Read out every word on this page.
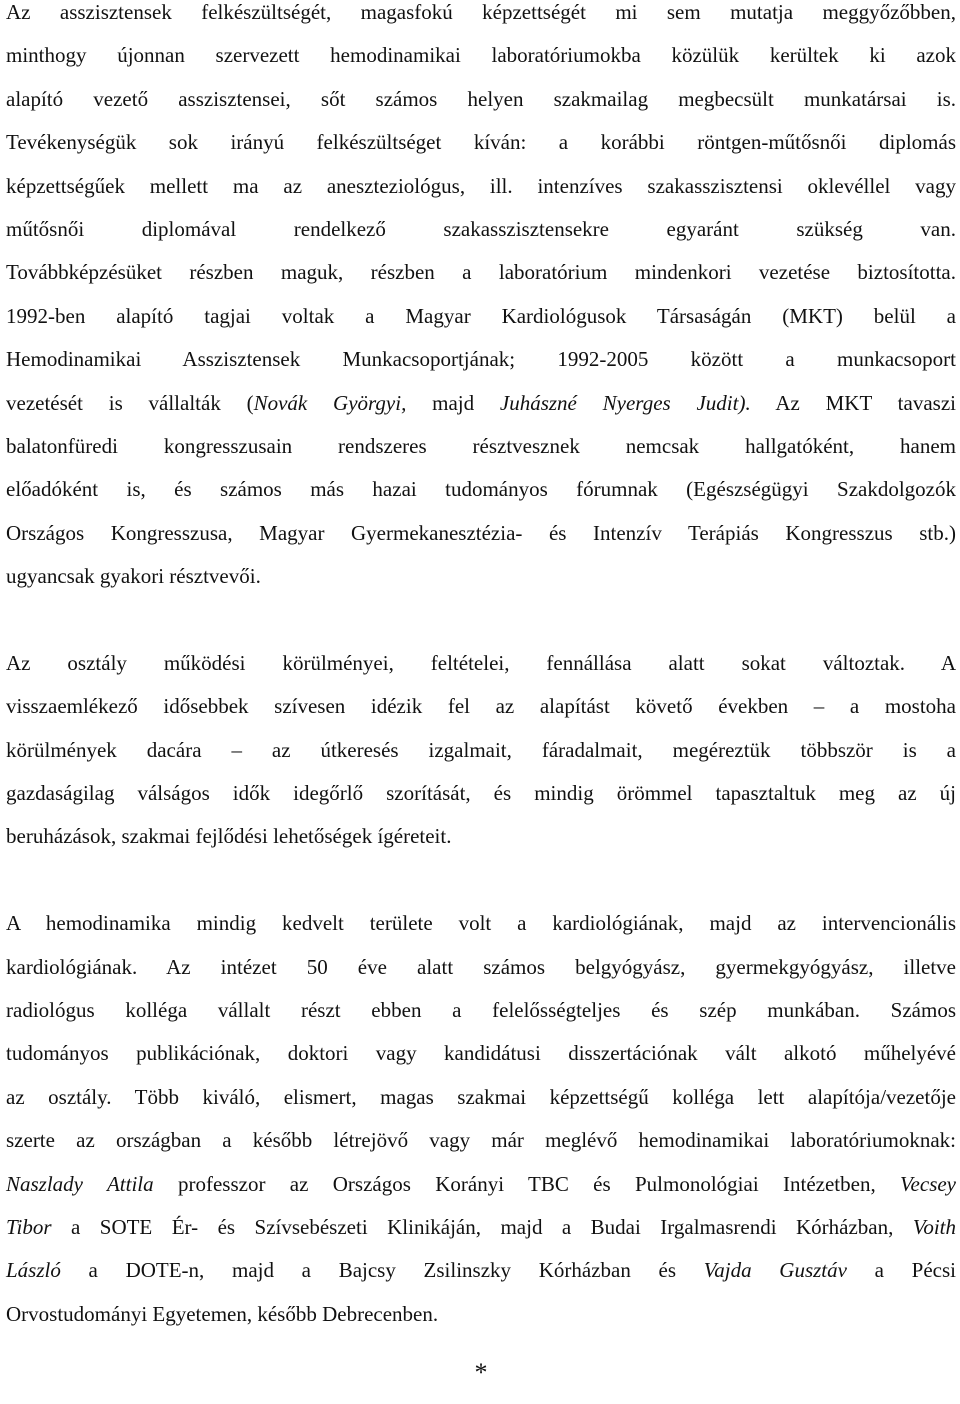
Az asszisztensek felkészültségét, magasfokú képzettségét mi sem mutatja meggyőzőbben,
minthogy újonnan szervezett hemodinamikai laboratóriumokba közülük kerültek ki azok
alapító vezető asszisztensei, sőt számos helyen szakmailag megbecsült munkatársai is.
Tevékenységük sok irányú felkészültséget kíván: a korábbi röntgen-műtősnői diplomás
képzettségűek mellett ma az aneszteziológus, ill. intenzíves szakasszisztensi oklevéllel vagy
műtősnői diplomával rendelkező szakasszisztensekre egyaránt szükség van.
Továbbképzésüket részben maguk, részben a laboratórium mindenkori vezetése biztosította.
1992-ben alapító tagjai voltak a Magyar Kardiológusok Társaságán (MKT) belül a
Hemodinamikai Asszisztensek Munkacsoportjának; 1992-2005 között a munkacsoport
vezetését is vállalták (Novák Györgyi, majd Juhászné Nyerges Judit). Az MKT tavaszi
balatonfüredi kongresszusain rendszeres résztvesznek nemcsak hallgatóként, hanem
előadóként is, és számos más hazai tudományos fórumnak (Egészségügyi Szakdolgozók
Országos Kongresszusa, Magyar Gyermekanesztézia- és Intenzív Terápiás Kongresszus stb.)
ugyancsak gyakori résztvevői.
Az osztály működési körülményei, feltételei, fennállása alatt sokat változtak. A
visszaemlékező idősebbek szívesen idézik fel az alapítást követő években – a mostoha
körülmények dacára – az útkeresés izgalmait, fáradalmait, megéreztük többször is a
gazdaságilag válságos idők idegőrlő szorítását, és mindig örömmel tapasztaltuk meg az új
beruházások, szakmai fejlődési lehetőségek ígéreteit.
A hemodinamika mindig kedvelt területe volt a kardiológiának, majd az intervencionális
kardiológiának. Az intézet 50 éve alatt számos belgyógyász, gyermekgyógyász, illetve
radiológus kollégа vállalt részt ebben a felelősségteljes és szép munkában. Számos
tudományos publikációnak, doktori vagy kandidátusi disszertációnak vált alkotó műhelyévé
az osztály. Több kiváló, elismert, magas szakmai képzettségű kolléga lett alapítója/vezetője
szerte az országban a később létrejövő vagy már meglévő hemodinamikai laboratóriumoknak:
Naszlady Attila professzor az Országos Korányi TBC és Pulmonológiai Intézetben, Vecsey
Tibor a SOTE Ér- és Szívsebészeti Klinikáján, majd a Budai Irgalmasrendi Kórházban, Voith
László a DOTE-n, majd a Bajcsy Zsilinszky Kórházban és Vajda Gusztáv a Pécsi
Orvostudományi Egyetemen, később Debrecenben.
*
